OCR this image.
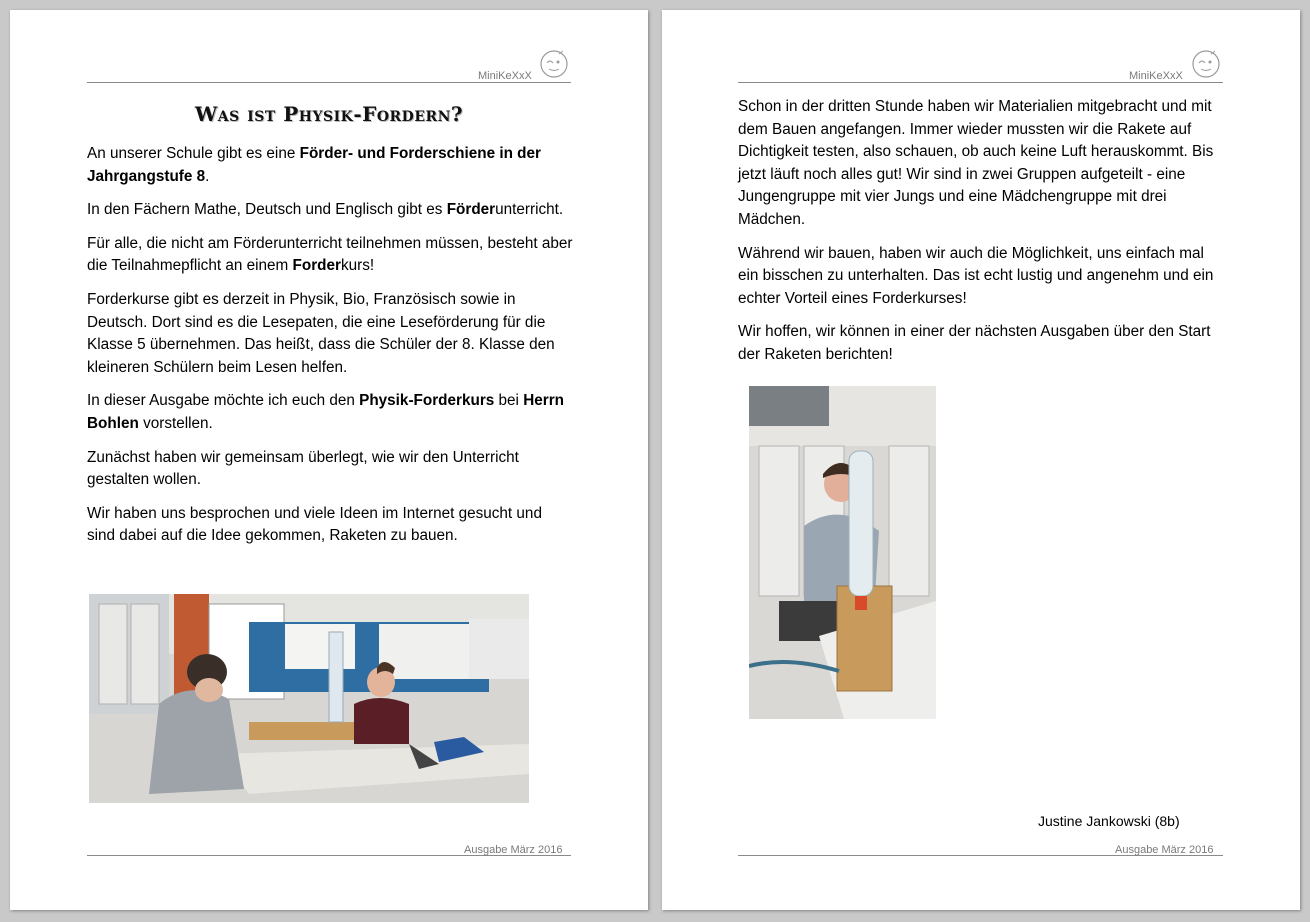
MiniKeXxX
Was ist Physik-Fordern?

An unserer Schule gibt es eine Förder- und Forderschiene in der Jahrgangstufe 8.

In den Fächern Mathe, Deutsch und Englisch gibt es Förderunterricht.

Für alle, die nicht am Förderunterricht teilnehmen müssen, besteht aber die Teilnahmepflicht an einem Forderkurs!

Forderkurse gibt es derzeit in Physik, Bio, Französisch sowie in Deutsch. Dort sind es die Lesepaten, die eine Leseförderung für die Klasse 5 übernehmen. Das heißt, dass die Schüler der 8. Klasse den kleineren Schülern beim Lesen helfen.

In dieser Ausgabe möchte ich euch den Physik-Forderkurs bei Herrn Bohlen vorstellen.

Zunächst haben wir gemeinsam überlegt, wie wir den Unterricht gestalten wollen.

Wir haben uns besprochen und viele Ideen im Internet gesucht und sind dabei auf die Idee gekommen, Raketen zu bauen.

Ausgabe März 2016
MiniKeXxX

Schon in der dritten Stunde haben wir Materialien mitgebracht und mit dem Bauen angefangen. Immer wieder mussten wir die Rakete auf Dichtigkeit testen, also schauen, ob auch keine Luft herauskommt. Bis jetzt läuft noch alles gut! Wir sind in zwei Gruppen aufgeteilt - eine Jungengruppe mit vier Jungs und eine Mädchengruppe mit drei Mädchen.

Während wir bauen, haben wir auch die Möglichkeit, uns einfach mal ein bisschen zu unterhalten. Das ist echt lustig und angenehm und ein echter Vorteil eines Forderkurses!

Wir hoffen, wir können in einer der nächsten Ausgaben über den Start der Raketen berichten!

Justine Jankowski (8b)
Ausgabe März 2016
